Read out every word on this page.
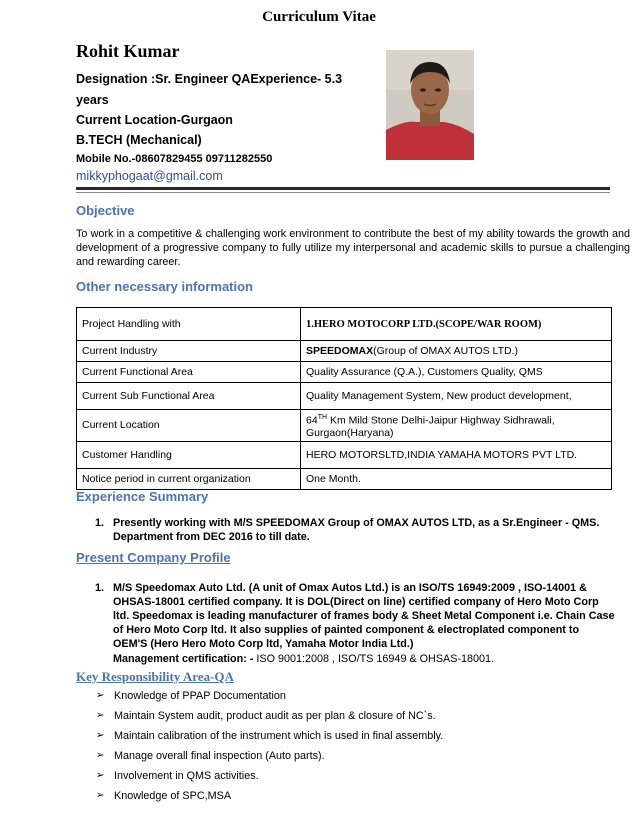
Curriculum Vitae
Rohit Kumar
Designation :Sr. Engineer QAExperience- 5.3
years
Current Location-Gurgaon
B.TECH (Mechanical)
Mobile No.-08607829455 09711282550
mikkyphogaat@gmail.com
Objective
To work in a competitive & challenging work environment to contribute the best of my ability towards the growth and development of a progressive company to fully utilize my interpersonal and academic skills to pursue a challenging and rewarding career.
Other necessary information
Project Handling with	1.HERO MOTOCORP LTD.(SCOPE/WAR ROOM)
Current Industry	SPEEDOMAX(Group of OMAX AUTOS LTD.)
Current Functional Area	Quality Assurance (Q.A.), Customers Quality, QMS
Current Sub Functional Area	Quality Management System, New product development,
Current Location	64TH Km Mild Stone Delhi-Jaipur Highway Sidhrawali, Gurgaon(Haryana)
Customer Handling	HERO MOTORSLTD,INDIA YAMAHA MOTORS PVT LTD.
Notice period in current organization	One Month.
Experience Summary
1. Presently working with M/S SPEEDOMAX Group of OMAX AUTOS LTD, as a Sr.Engineer - QMS. Department from DEC 2016 to till date.
Present Company Profile
1. M/S Speedomax Auto Ltd. (A unit of Omax Autos Ltd.) is an ISO/TS 16949:2009 , ISO-14001 & OHSAS-18001 certified company. It is DOL(Direct on line) certified company of Hero Moto Corp ltd. Speedomax is leading manufacturer of frames body & Sheet Metal Component i.e. Chain Case of Hero Moto Corp ltd. It also supplies of painted component & electroplated component to OEM'S (Hero Hero Moto Corp ltd, Yamaha Motor India Ltd.)
Management certification: - ISO 9001:2008 , ISO/TS 16949 & OHSAS-18001.
Key Responsibility Area-QA
➢ Knowledge of PPAP Documentation
➢ Maintain System audit, product audit as per plan & closure of NC`s.
➢ Maintain calibration of the instrument which is used in final assembly.
➢ Manage overall final inspection (Auto parts).
➢ Involvement in QMS activities.
➢ Knowledge of SPC,MSA
